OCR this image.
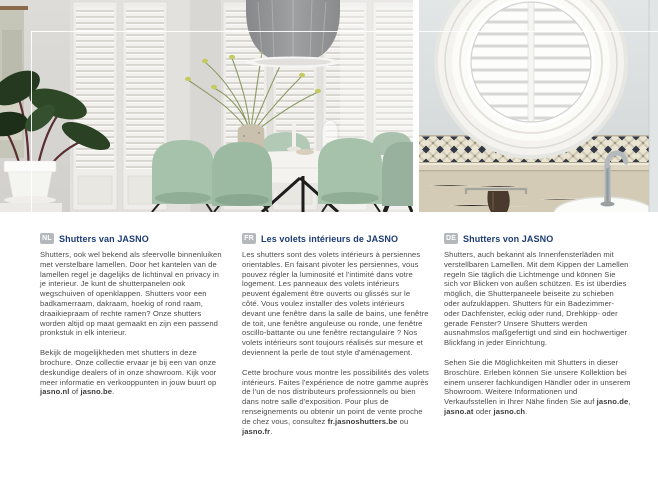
NL Shutters van JASNO

Shutters, ook wel bekend als sfeervolle binnenluiken met verstelbare lamellen. Door het kantelen van de lamellen regel je dagelijks de lichtinval en privacy in je interieur. Je kunt de shutterpanelen ook wegschuiven of openklappen. Shutters voor een badkamerraam, dakraam, hoekig of rond raam, draaikiepraam of rechte ramen? Onze shutters worden altijd op maat gemaakt en zijn een passend pronkstuk in elk interieur.

Bekijk de mogelijkheden met shutters in deze brochure. Onze collectie ervaar je bij een van onze deskundige dealers of in onze showroom. Kijk voor meer informatie en verkooppunten in jouw buurt op jasno.nl of jasno.be.

FR Les volets intérieurs de JASNO

Les shutters sont des volets intérieurs à persiennes orientables. En faisant pivoter les persiennes, vous pouvez régler la luminosité et l'intimité dans votre logement. Les panneaux des volets intérieurs peuvent également être ouverts ou glissés sur le côté. Vous voulez installer des volets intérieurs devant une fenêtre dans la salle de bains, une fenêtre de toit, une fenêtre anguleuse ou ronde, une fenêtre oscillo-battante ou une fenêtre rectangulaire ? Nos volets intérieurs sont toujours réalisés sur mesure et deviennent la perle de tout style d'aménagement.

Cette brochure vous montre les possibilités des volets intérieurs. Faites l'expérience de notre gamme auprès de l'un de nos distributeurs professionnels ou bien dans notre salle d'exposition. Pour plus de renseignements ou obtenir un point de vente proche de chez vous, consultez fr.jasnoshutters.be ou jasno.fr.

DE Shutters von JASNO

Shutters, auch bekannt als Innenfensterläden mit verstellbaren Lamellen. Mit dem Kippen der Lamellen regeln Sie täglich die Lichtmenge und können Sie sich vor Blicken von außen schützen. Es ist überdies möglich, die Shutterpaneele beiseite zu schieben oder aufzuklappen. Shutters für ein Badezimmer- oder Dachfenster, eckig oder rund, Drehkipp- oder gerade Fenster? Unsere Shutters werden ausnahmslos maßgefertigt und sind ein hochwertiger Blickfang in jeder Einrichtung.

Sehen Sie die Möglichkeiten mit Shutters in dieser Broschüre. Erleben können Sie unsere Kollektion bei einem unserer fachkundigen Händler oder in unserem Showroom. Weitere Informationen und Verkaufsstellen in Ihrer Nähe finden Sie auf jasno.de, jasno.at oder jasno.ch.
